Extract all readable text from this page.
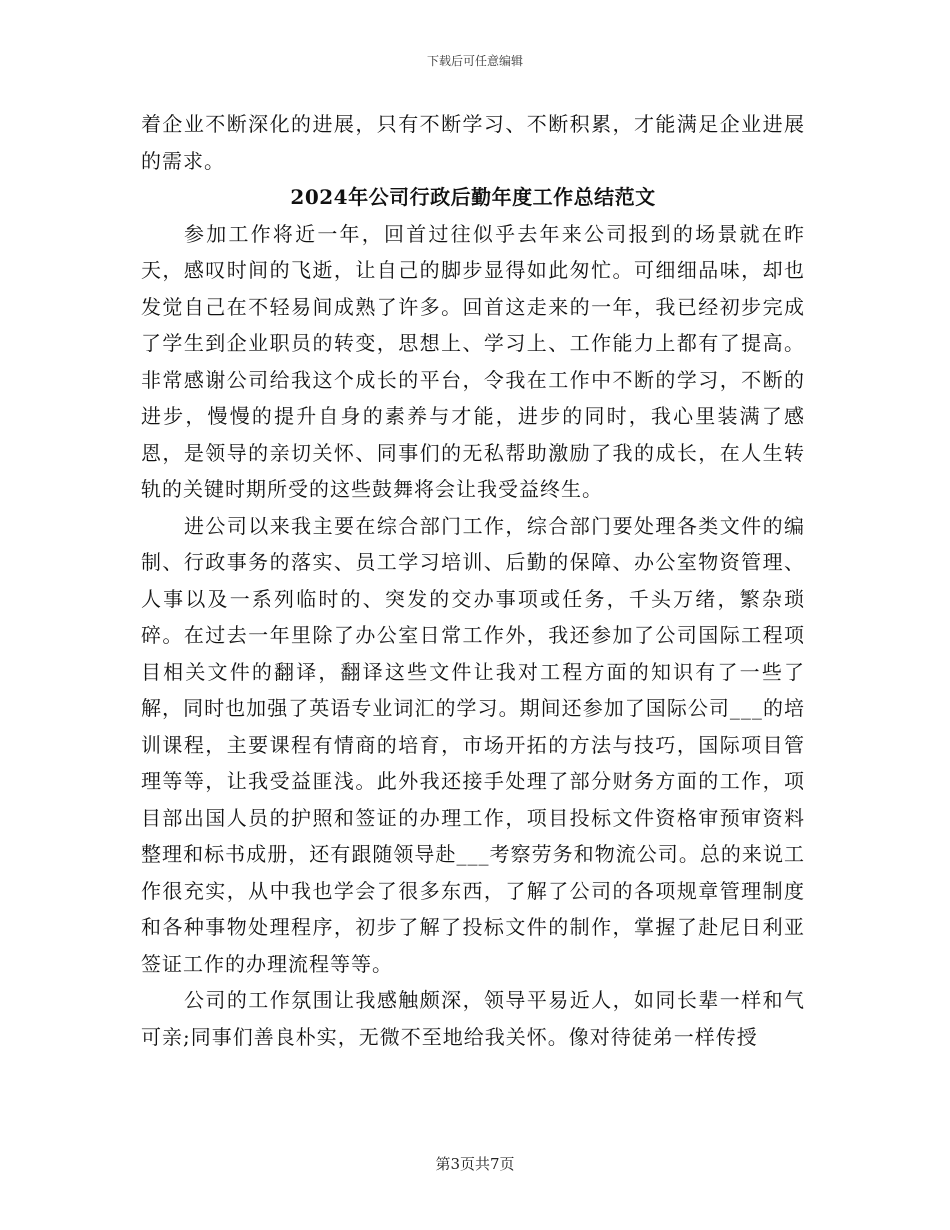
下载后可任意编辑

着企业不断深化的进展，只有不断学习、不断积累，才能满足企业进展的需求。

2024年公司行政后勤年度工作总结范文

参加工作将近一年，回首过往似乎去年来公司报到的场景就在昨天，感叹时间的飞逝，让自己的脚步显得如此匆忙。可细细品味，却也发觉自己在不轻易间成熟了许多。回首这走来的一年，我已经初步完成了学生到企业职员的转变，思想上、学习上、工作能力上都有了提高。非常感谢公司给我这个成长的平台，令我在工作中不断的学习，不断的进步，慢慢的提升自身的素养与才能，进步的同时，我心里装满了感恩，是领导的亲切关怀、同事们的无私帮助激励了我的成长，在人生转轨的关键时期所受的这些鼓舞将会让我受益终生。

进公司以来我主要在综合部门工作，综合部门要处理各类文件的编制、行政事务的落实、员工学习培训、后勤的保障、办公室物资管理、人事以及一系列临时的、突发的交办事项或任务，千头万绪，繁杂琐碎。在过去一年里除了办公室日常工作外，我还参加了公司国际工程项目相关文件的翻译，翻译这些文件让我对工程方面的知识有了一些了解，同时也加强了英语专业词汇的学习。期间还参加了国际公司___的培训课程，主要课程有情商的培育，市场开拓的方法与技巧，国际项目管理等等，让我受益匪浅。此外我还接手处理了部分财务方面的工作，项目部出国人员的护照和签证的办理工作，项目投标文件资格审预审资料整理和标书成册，还有跟随领导赴___考察劳务和物流公司。总的来说工作很充实，从中我也学会了很多东西，了解了公司的各项规章管理制度和各种事物处理程序，初步了解了投标文件的制作，掌握了赴尼日利亚签证工作的办理流程等等。

公司的工作氛围让我感触颇深，领导平易近人，如同长辈一样和气可亲;同事们善良朴实，无微不至地给我关怀。像对待徒弟一样传授

第3页共7页
